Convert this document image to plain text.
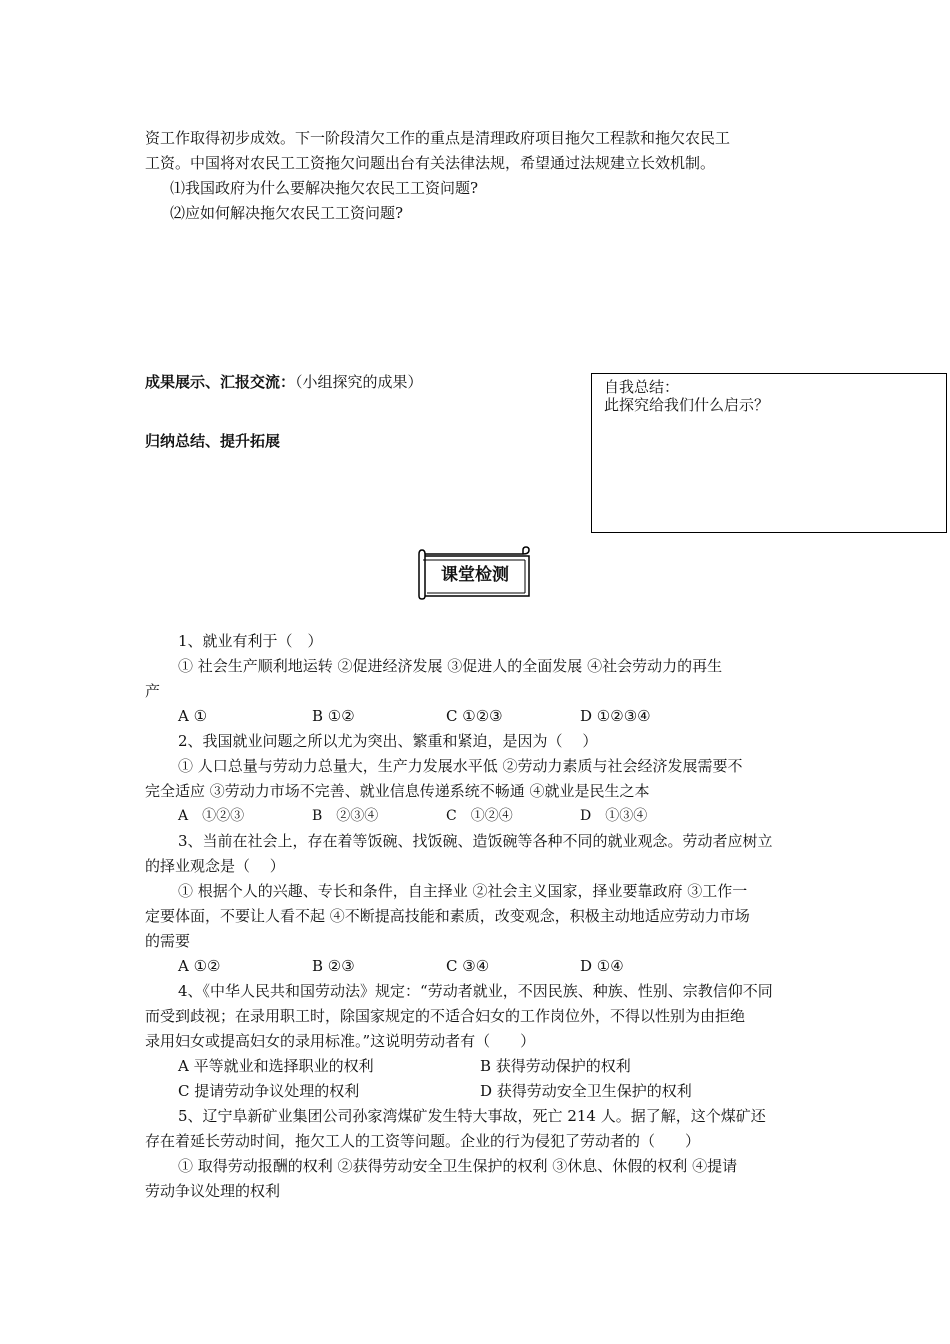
资工作取得初步成效。下一阶段清欠工作的重点是清理政府项目拖欠工程款和拖欠农民工
工资。中国将对农民工工资拖欠问题出台有关法律法规，希望通过法规建立长效机制。
⑴我国政府为什么要解决拖欠农民工工资问题?
⑵应如何解决拖欠农民工工资问题?
成果展示、汇报交流：（小组探究的成果）
归纳总结、提升拓展
自我总结：
此探究给我们什么启示？
课堂检测
1、就业有利于（　）
① 社会生产顺利地运转 ②促进经济发展 ③促进人的全面发展 ④社会劳动力的再生
产
A ①	B ①②	C ①②③	D ①②③④
2、我国就业问题之所以尤为突出、繁重和紧迫，是因为（　 ）
① 人口总量与劳动力总量大，生产力发展水平低 ②劳动力素质与社会经济发展需要不
完全适应 ③劳动力市场不完善、就业信息传递系统不畅通 ④就业是民生之本
A　①②③	B　②③④	C　①②④	D　①③④
3、当前在社会上，存在着等饭碗、找饭碗、造饭碗等各种不同的就业观念。劳动者应树立
的择业观念是（　 ）
① 根据个人的兴趣、专长和条件，自主择业 ②社会主义国家，择业要靠政府 ③工作一
定要体面，不要让人看不起 ④不断提高技能和素质，改变观念，积极主动地适应劳动力市场
的需要
A ①②	B ②③	C ③④	D ①④
4、《中华人民共和国劳动法》规定：“劳动者就业，不因民族、种族、性别、宗教信仰不同
而受到歧视；在录用职工时，除国家规定的不适合妇女的工作岗位外，不得以性别为由拒绝
录用妇女或提高妇女的录用标准。”这说明劳动者有（　　）
A 平等就业和选择职业的权利	B 获得劳动保护的权利
C 提请劳动争议处理的权利	D 获得劳动安全卫生保护的权利
5、辽宁阜新矿业集团公司孙家湾煤矿发生特大事故，死亡 214 人。据了解，这个煤矿还
存在着延长劳动时间，拖欠工人的工资等问题。企业的行为侵犯了劳动者的（　　）
① 取得劳动报酬的权利 ②获得劳动安全卫生保护的权利 ③休息、休假的权利 ④提请
劳动争议处理的权利
